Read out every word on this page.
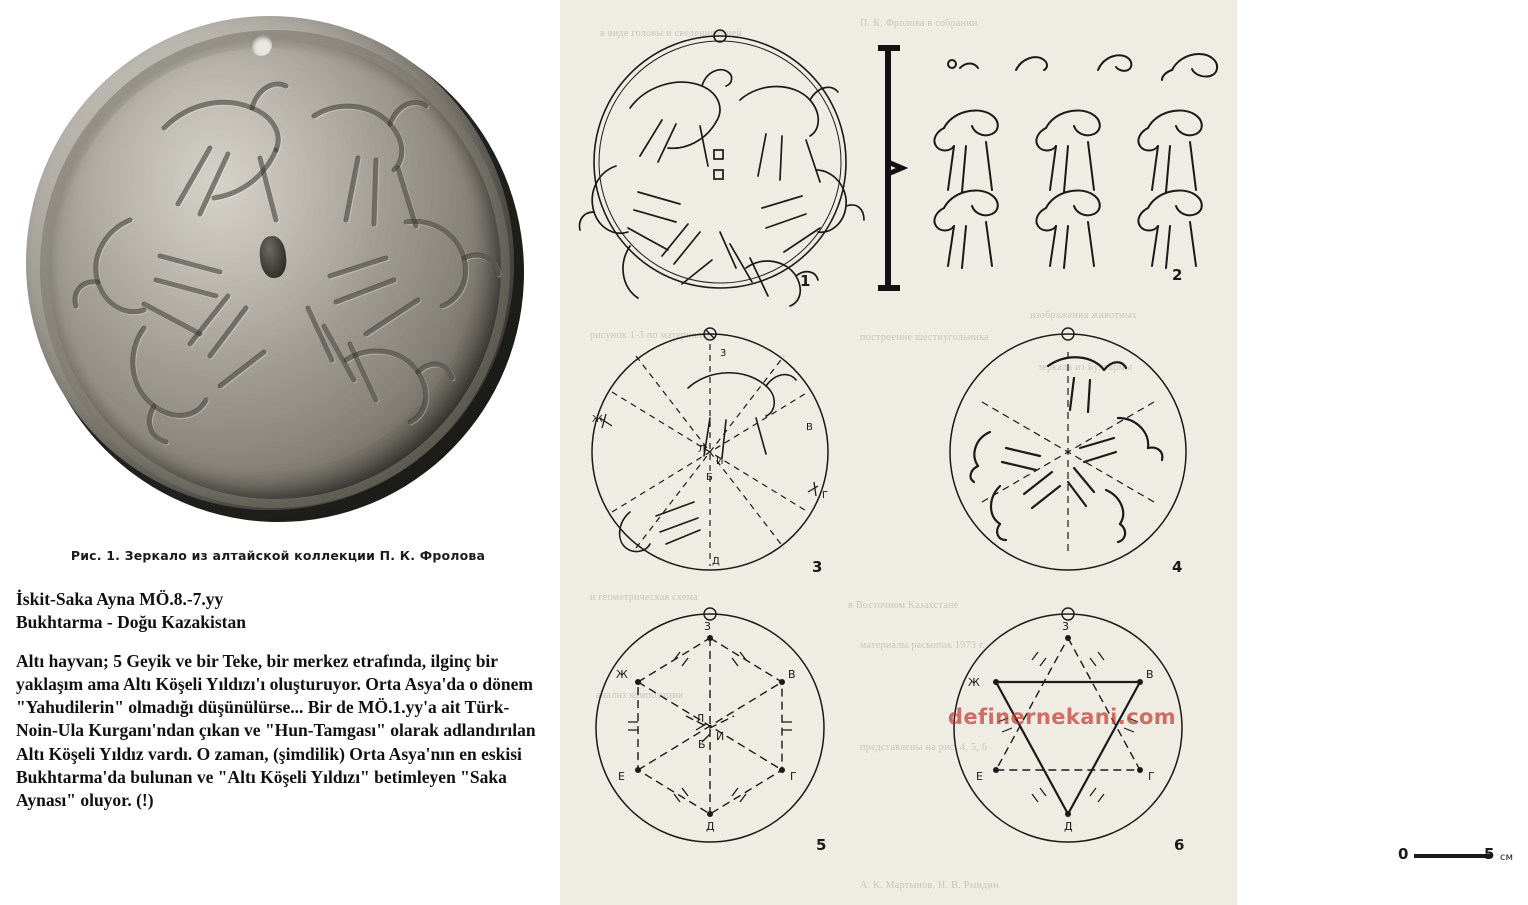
Рис. 1. Зеркало из алтайской коллекции П. К. Фролова

İskit-Saka Ayna MÖ.8.-7.yy

Bukhtarma - Doğu Kazakistan

Altı hayvan; 5 Geyik ve bir Teke, bir merkez etrafında, ilginç bir yaklaşım ama Altı Köşeli Yıldızı'ı oluşturuyor. Orta Asya'da o dönem "Yahudilerin" olmadığı düşünülürse... Bir de MÖ.1.yy'a ait Türk-Noin-Ula Kurganı'ndan çıkan ve "Hun-Tamgası" olarak adlandırılan Altı Köşeli Yıldız vardı. O zaman, (şimdilik) Orta Asya'nın en eskisi Bukhtarma'da bulunan ve "Altı Köşeli Yıldızı" betimleyen "Saka Aynası" oluyor. (!)

в виде головы и сведения о ней
П. К. Фролова в собрании
изображения животных
рисунок 1-3 по материалам	построение шестиугольника
зеркала из Бухтармы
и геометрическая схема
в Восточном Казахстане
материалы раскопок 1973 г.
анализ композиции
представлены на рис. 4, 5, 6
А. К. Мартынов, Н. В. Рындин
1	2
3
Ж
Л
И
Б
В
Г
Д	3	4
3
В
Г
Д
Е
Ж
Л
И
Б
5
3
В
Г
Д
Е
Ж
6	0	5 см
definernekani.com
